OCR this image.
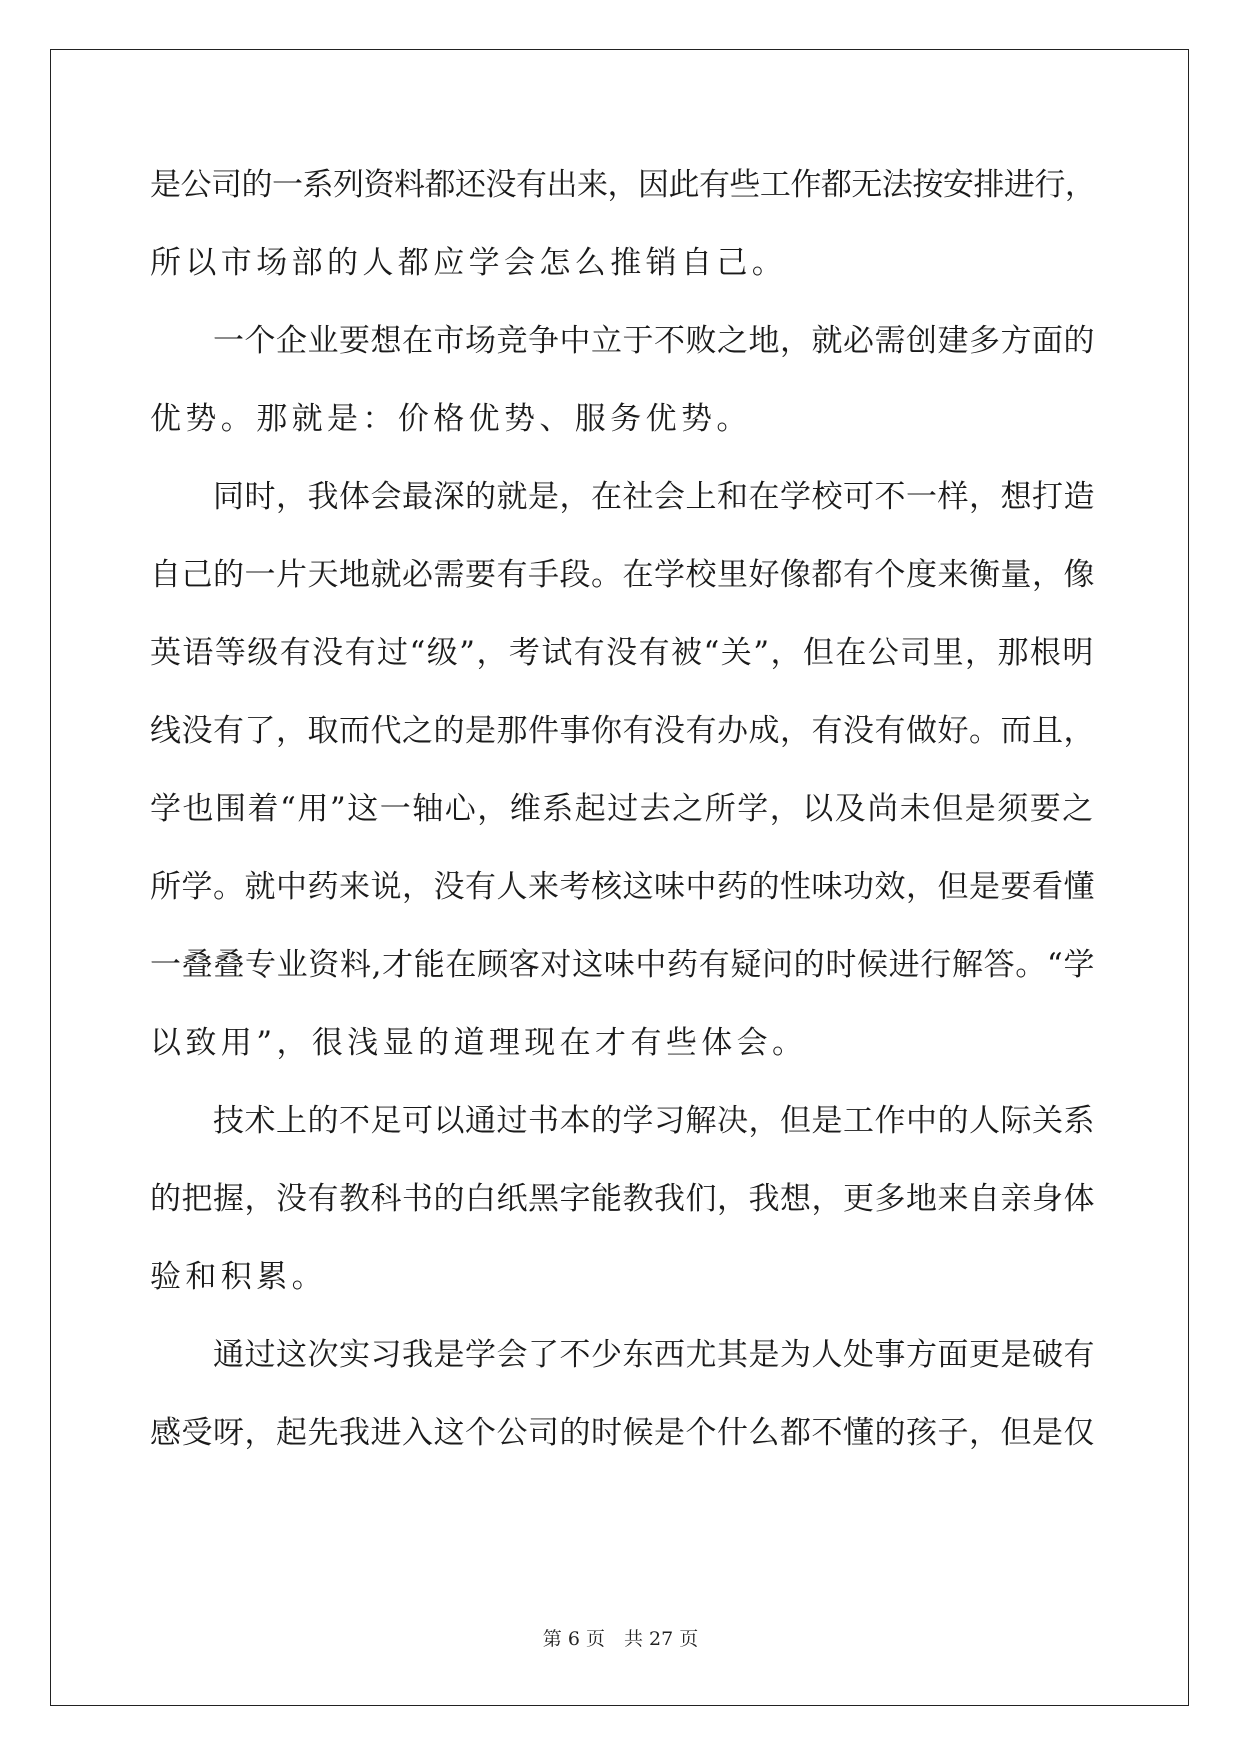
是公司的一系列资料都还没有出来，因此有些工作都无法按安排进行，
所以市场部的人都应学会怎么推销自己。
　　一个企业要想在市场竞争中立于不败之地，就必需创建多方面的
优势。那就是：价格优势、服务优势。
　　同时，我体会最深的就是，在社会上和在学校可不一样，想打造
自己的一片天地就必需要有手段。在学校里好像都有个度来衡量，像
英语等级有没有过“级”，考试有没有被“关”，但在公司里，那根明
线没有了，取而代之的是那件事你有没有办成，有没有做好。而且，
学也围着“用”这一轴心，维系起过去之所学，以及尚未但是须要之
所学。就中药来说，没有人来考核这味中药的性味功效，但是要看懂
一叠叠专业资料,才能在顾客对这味中药有疑问的时候进行解答。“学
以致用”，很浅显的道理现在才有些体会。
　　技术上的不足可以通过书本的学习解决，但是工作中的人际关系
的把握，没有教科书的白纸黑字能教我们，我想，更多地来自亲身体
验和积累。
　　通过这次实习我是学会了不少东西尤其是为人处事方面更是破有
感受呀，起先我进入这个公司的时候是个什么都不懂的孩子，但是仅
第 6 页　共 27 页
